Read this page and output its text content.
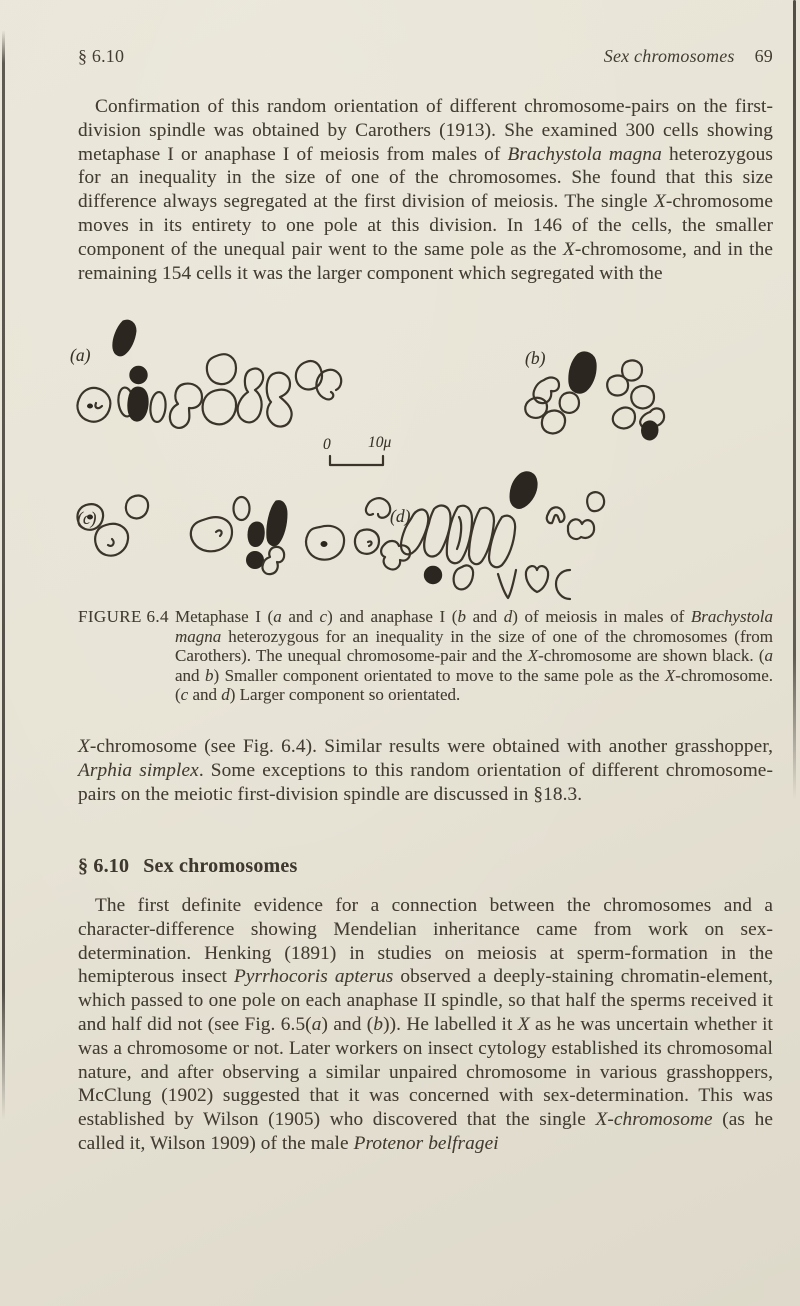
§ 6.10	Sex chromosomes 69

Confirmation of this random orientation of different chromosome-pairs on the first-division spindle was obtained by Carothers (1913). She examined 300 cells showing metaphase I or anaphase I of meiosis from males of Brachystola magna heterozygous for an inequality in the size of one of the chromosomes. She found that this size difference always segregated at the first division of meiosis. The single X-chromosome moves in its entirety to one pole at this division. In 146 of the cells, the smaller component of the unequal pair went to the same pole as the X-chromosome, and in the remaining 154 cells it was the larger component which segregated with the

(a)	(b)
(c)	(d)
0 10μ
FIGURE 6.4 Metaphase I (a and c) and anaphase I (b and d) of meiosis in males of Brachystola magna heterozygous for an inequality in the size of one of the chromosomes (from Carothers). The unequal chromosome-pair and the X-chromosome are shown black. (a and b) Smaller component orientated to move to the same pole as the X-chromosome. (c and d) Larger component so orientated.

X-chromosome (see Fig. 6.4). Similar results were obtained with another grasshopper, Arphia simplex. Some exceptions to this random orientation of different chromosome-pairs on the meiotic first-division spindle are discussed in §18.3.

§ 6.10 Sex chromosomes

The first definite evidence for a connection between the chromosomes and a character-difference showing Mendelian inheritance came from work on sex-determination. Henking (1891) in studies on meiosis at sperm-formation in the hemipterous insect Pyrrhocoris apterus observed a deeply-staining chromatin-element, which passed to one pole on each anaphase II spindle, so that half the sperms received it and half did not (see Fig. 6.5(a) and (b)). He labelled it X as he was uncertain whether it was a chromosome or not. Later workers on insect cytology established its chromosomal nature, and after observing a similar unpaired chromosome in various grasshoppers, McClung (1902) suggested that it was concerned with sex-determination. This was established by Wilson (1905) who discovered that the single X-chromosome (as he called it, Wilson 1909) of the male Protenor belfragei
